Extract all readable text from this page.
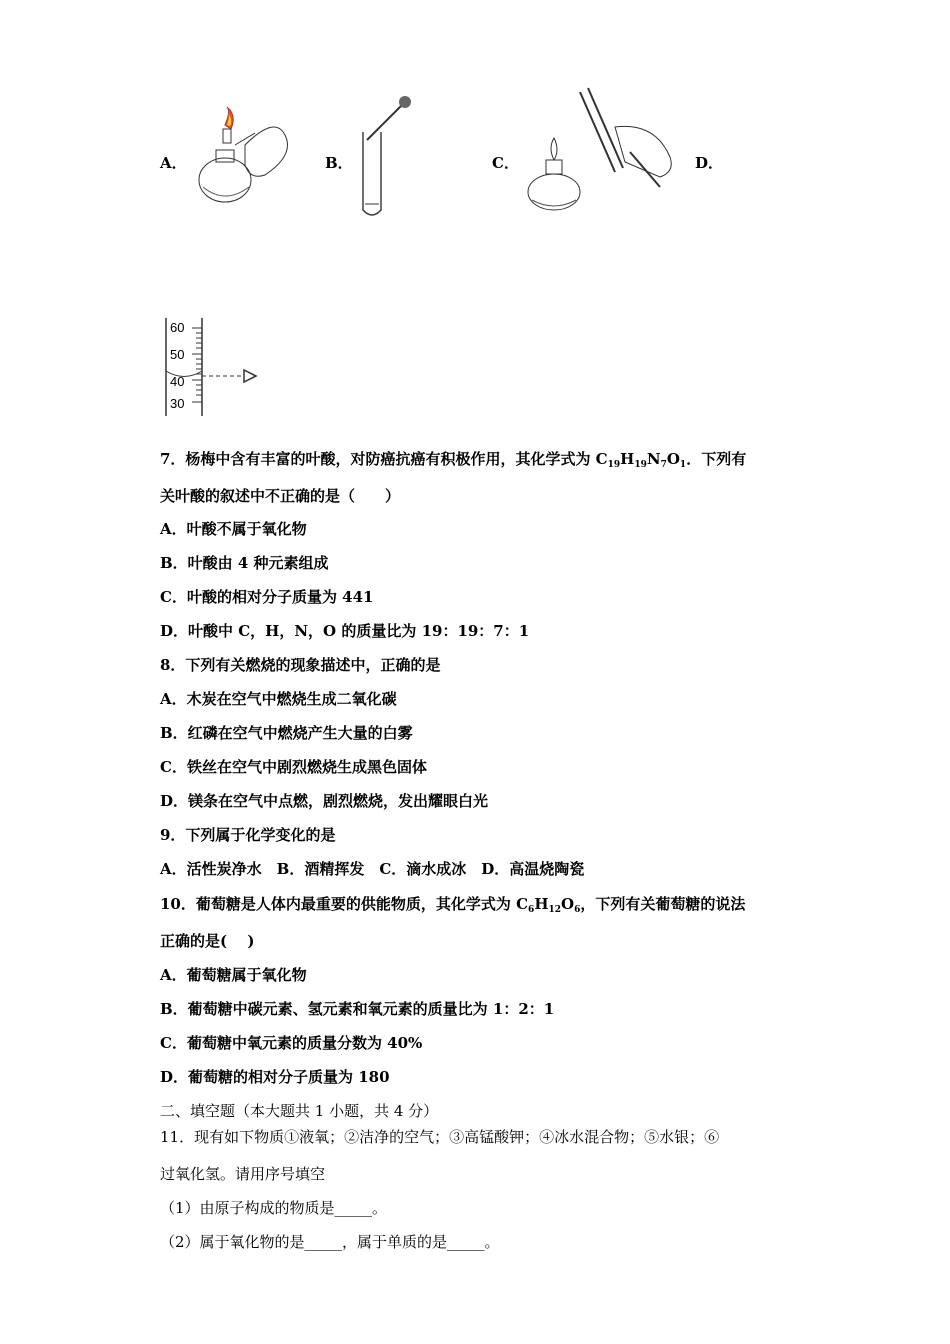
A．	B．	C．	D．
60
50
40
30
7．杨梅中含有丰富的叶酸，对防癌抗癌有积极作用，其化学式为 $C_{19}H_{19}N_7O_1$．下列有
关叶酸的叙述中不正确的是（　　）
A．叶酸不属于氧化物
B．叶酸由 4 种元素组成
C．叶酸的相对分子质量为 441
D．叶酸中 C，H，N，O 的质量比为 19：19：7：1
8．下列有关燃烧的现象描述中，正确的是
A．木炭在空气中燃烧生成二氧化碳
B．红磷在空气中燃烧产生大量的白雾
C．铁丝在空气中剧烈燃烧生成黑色固体
D．镁条在空气中点燃，剧烈燃烧，发出耀眼白光
9．下列属于化学变化的是
A．活性炭净水　B．酒精挥发　C．滴水成冰　D．高温烧陶瓷
10．葡萄糖是人体内最重要的供能物质，其化学式为 $C_6H_{12}O_6$，下列有关葡萄糖的说法
正确的是(　 )
A．葡萄糖属于氧化物
B．葡萄糖中碳元素、氢元素和氧元素的质量比为 1：2：1
C．葡萄糖中氧元素的质量分数为 40%
D．葡萄糖的相对分子质量为 180
二、填空题（本大题共 1 小题，共 4 分）
11．现有如下物质①液氧；②洁净的空气；③高锰酸钾；④冰水混合物；⑤水银；⑥
过氧化氢。请用序号填空
（1）由原子构成的物质是_____。
（2）属于氧化物的是_____，属于单质的是_____。
